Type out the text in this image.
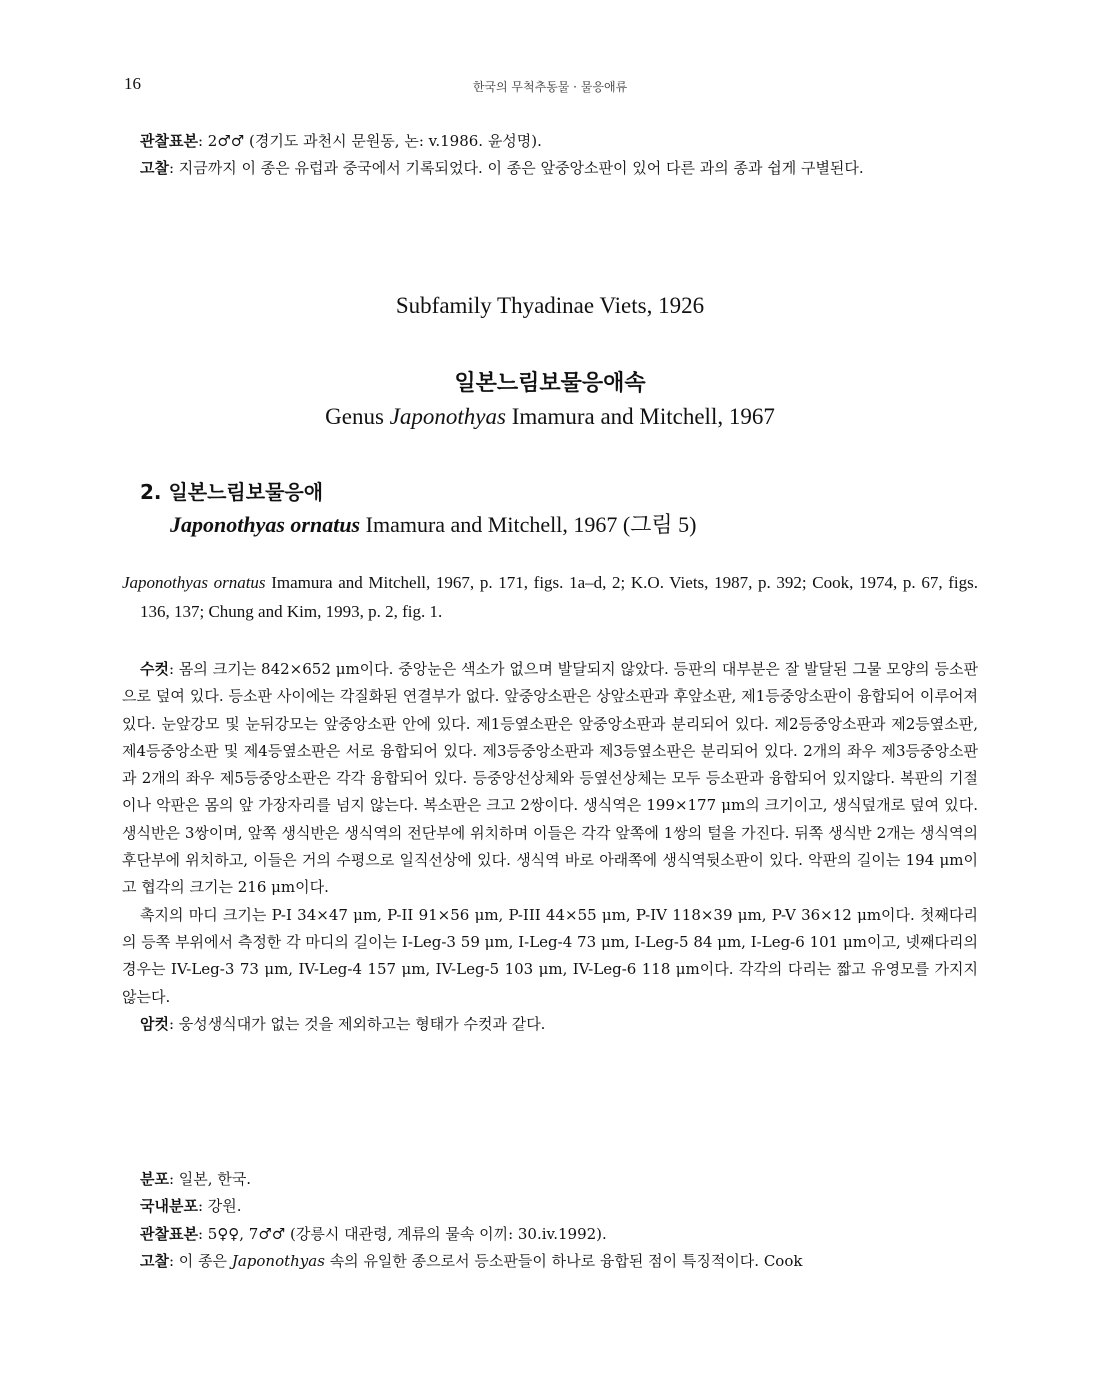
16	한국의 무척추동물 · 물응애류

관찰표본: 2♂♂ (경기도 과천시 문원동, 논: v.1986. 윤성명).

고찰: 지금까지 이 종은 유럽과 중국에서 기록되었다. 이 종은 앞중앙소판이 있어 다른 과의 종과 쉽게 구별된다.

Subfamily Thyadinae Viets, 1926
일본느림보물응애속
Genus Japonothyas Imamura and Mitchell, 1967
2. 일본느림보물응애
Japonothyas ornatus Imamura and Mitchell, 1967 (그림 5)

Japonothyas ornatus Imamura and Mitchell, 1967, p. 171, figs. 1a–d, 2; K.O. Viets, 1987, p. 392; Cook, 1974, p. 67, figs. 136, 137; Chung and Kim, 1993, p. 2, fig. 1.

수컷: 몸의 크기는 842×652 μm이다. 중앙눈은 색소가 없으며 발달되지 않았다. 등판의 대부분은 잘 발달된 그물 모양의 등소판으로 덮여 있다. 등소판 사이에는 각질화된 연결부가 없다. 앞중앙소판은 상앞소판과 후앞소판, 제1등중앙소판이 융합되어 이루어져 있다. 눈앞강모 및 눈뒤강모는 앞중앙소판 안에 있다. 제1등옆소판은 앞중앙소판과 분리되어 있다. 제2등중앙소판과 제2등옆소판, 제4등중앙소판 및 제4등옆소판은 서로 융합되어 있다. 제3등중앙소판과 제3등옆소판은 분리되어 있다. 2개의 좌우 제3등중앙소판과 2개의 좌우 제5등중앙소판은 각각 융합되어 있다. 등중앙선상체와 등옆선상체는 모두 등소판과 융합되어 있지않다. 복판의 기절이나 악판은 몸의 앞 가장자리를 넘지 않는다. 복소판은 크고 2쌍이다. 생식역은 199×177 μm의 크기이고, 생식덮개로 덮여 있다. 생식반은 3쌍이며, 앞쪽 생식반은 생식역의 전단부에 위치하며 이들은 각각 앞쪽에 1쌍의 털을 가진다. 뒤쪽 생식반 2개는 생식역의 후단부에 위치하고, 이들은 거의 수평으로 일직선상에 있다. 생식역 바로 아래쪽에 생식역뒷소판이 있다. 악판의 길이는 194 μm이고 협각의 크기는 216 μm이다.

촉지의 마디 크기는 P-I 34×47 μm, P-II 91×56 μm, P-III 44×55 μm, P-IV 118×39 μm, P-V 36×12 μm이다. 첫째다리의 등쪽 부위에서 측정한 각 마디의 길이는 I-Leg-3 59 μm, I-Leg-4 73 μm, I-Leg-5 84 μm, I-Leg-6 101 μm이고, 넷째다리의 경우는 IV-Leg-3 73 μm, IV-Leg-4 157 μm, IV-Leg-5 103 μm, IV-Leg-6 118 μm이다. 각각의 다리는 짧고 유영모를 가지지 않는다.

암컷: 웅성생식대가 없는 것을 제외하고는 형태가 수컷과 같다.

분포: 일본, 한국.

국내분포: 강원.

관찰표본: 5♀♀, 7♂♂ (강릉시 대관령, 계류의 물속 이끼: 30.iv.1992).

고찰: 이 종은 Japonothyas 속의 유일한 종으로서 등소판들이 하나로 융합된 점이 특징적이다. Cook
